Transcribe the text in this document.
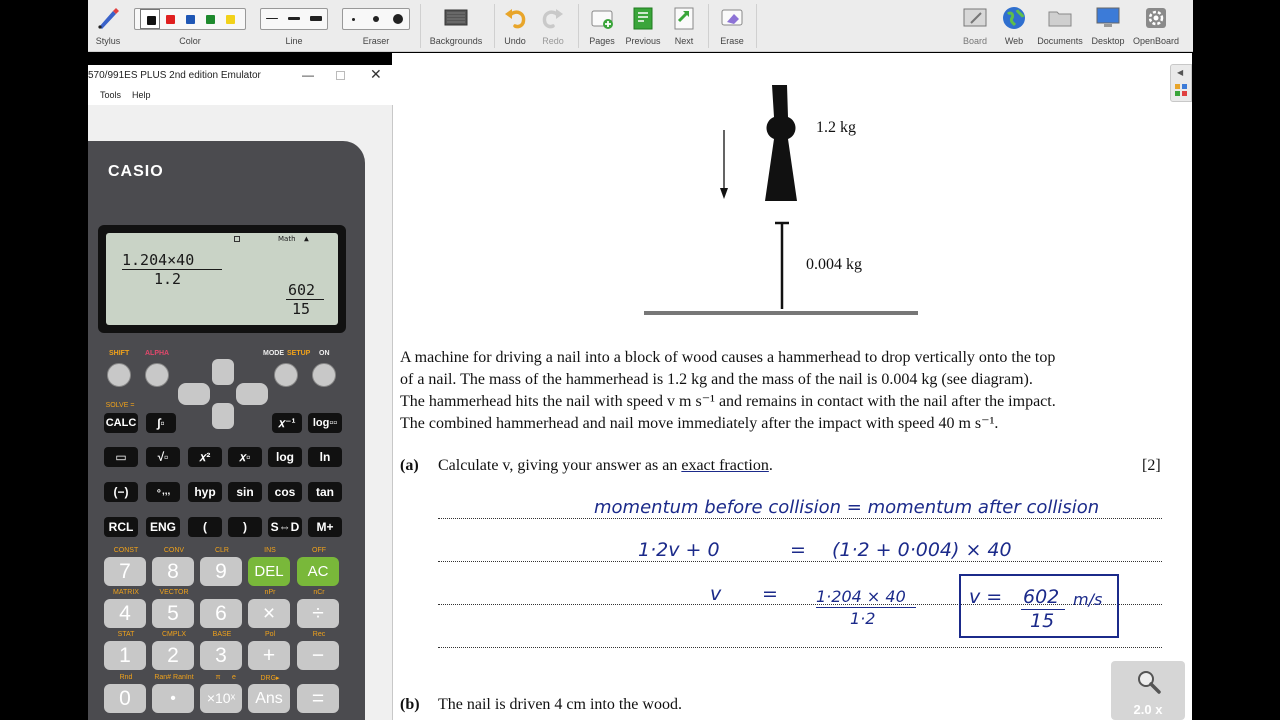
Stylus	Color	Line	Eraser	Backgrounds	Undo	Redo	Pages	Previous	Next	Erase	Board	Web	Documents Desktop OpenBoard
1.2 kg
0.004 kg
A machine for driving a nail into a block of wood causes a hammerhead to drop vertically onto the top
of a nail. The mass of the hammerhead is 1.2 kg and the mass of the nail is 0.004 kg (see diagram).
The hammerhead hits the nail with speed v m s⁻¹ and remains in contact with the nail after the impact.
The combined hammerhead and nail move immediately after the impact with speed 40 m s⁻¹.
(a) Calculate v, giving your answer as an exact fraction.	[2]
momentum before collision = momentum after collision
1·2v + 0	= (1·2 + 0·004) × 40
v = 1·204 × 40
1·2
v = 602
15
m/s
(b) The nail is driven 4 cm into the wood.
◀
2.0 x
570/991ES PLUS 2nd edition Emulator	—	✕
Tools Help
CASIO
Math ▲
1.204×40
1.2
602
15
SHIFT ALPHA	MODE SETUP ON
SOLVE =
CALC	∫▫	𝑥⁻¹	log▫▫
▭	√▫	𝑥²	𝑥▫	log	ln
(−)	∘,,,	hyp	sin	cos	tan
RCL	ENG	(	)	S⇔D	M+
CONST	CONV	CLR	INS	OFF
7	8	9	DEL	AC
MATRIX	VECTOR	nPr	nCr
4	5	6	×	÷
STAT	CMPLX	BASE	Pol	Rec
1	2	3	+	−
Rnd	Ran# RanInt	π	e	DRG▸
0	•	×10ˣ	Ans	=
